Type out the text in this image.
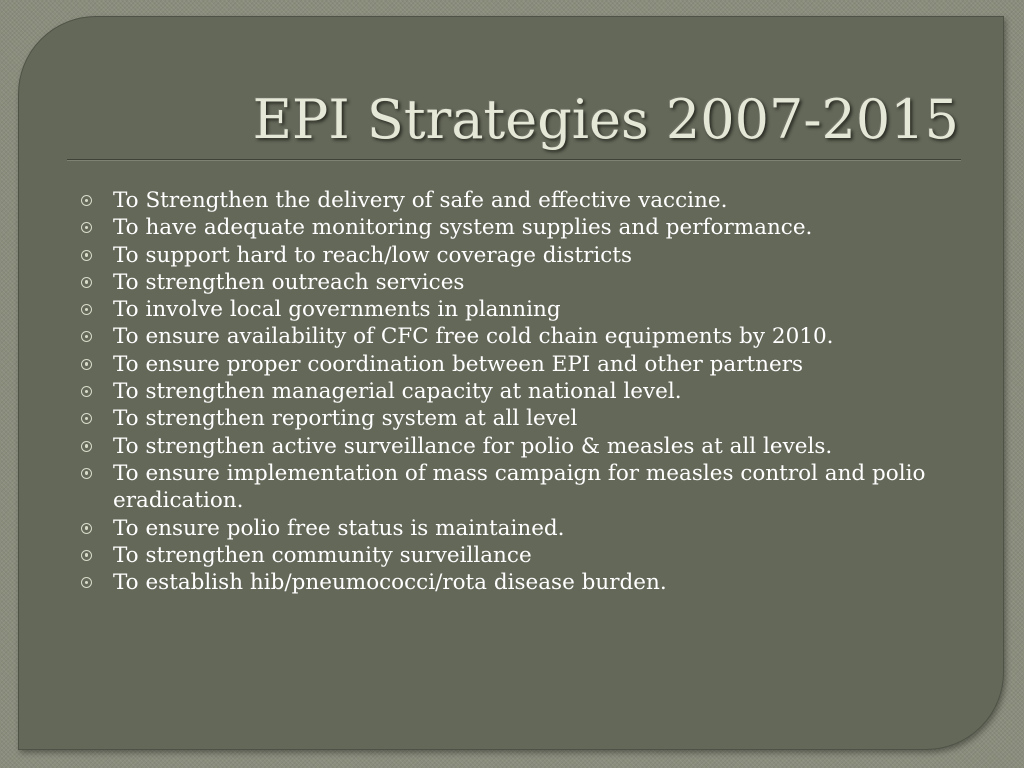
EPI Strategies 2007-2015
To Strengthen the delivery of safe and effective vaccine.
To have adequate monitoring system supplies and performance.
To support hard to reach/low coverage districts
To strengthen outreach services
To involve local governments in planning
To ensure availability of CFC free cold chain equipments by 2010.
To ensure proper coordination between EPI and other partners
To strengthen managerial capacity at national level.
To strengthen reporting system at all level
To strengthen active surveillance for polio & measles at all levels.
To ensure implementation of mass campaign for measles control and polio eradication.
To ensure polio free status is maintained.
To strengthen community surveillance
To establish hib/pneumococci/rota disease burden.
